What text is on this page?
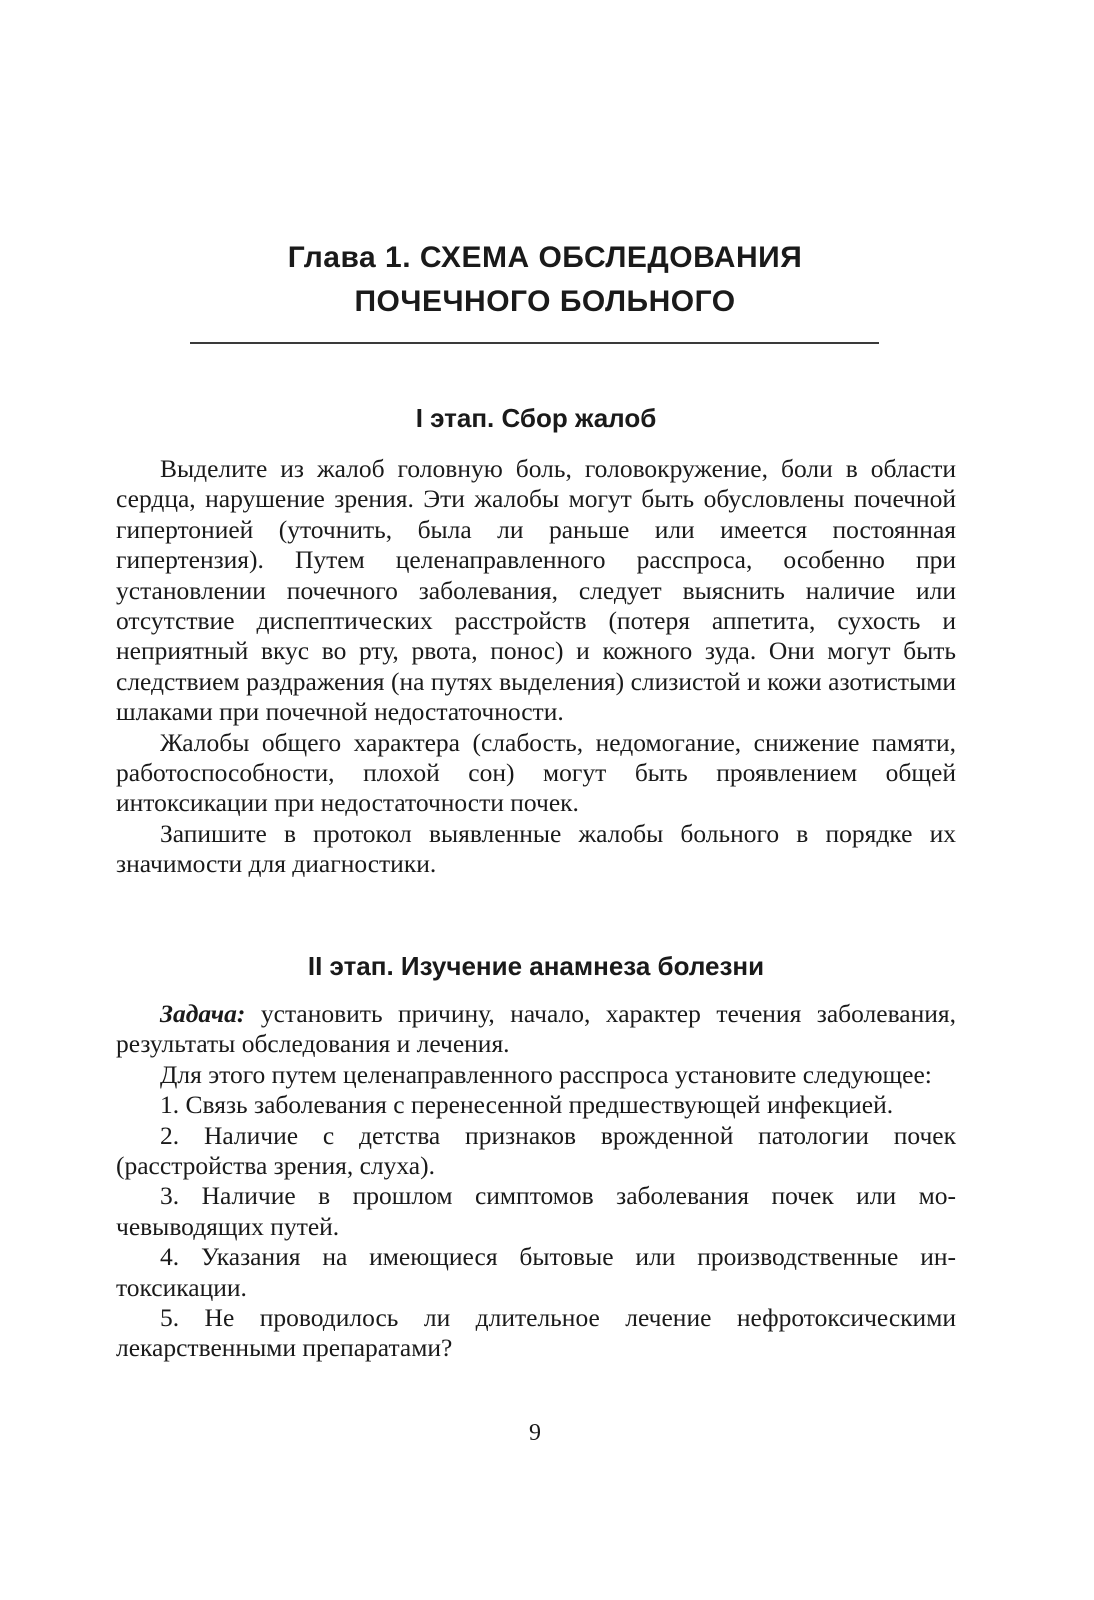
Глава 1. СХЕМА ОБСЛЕДОВАНИЯ
ПОЧЕЧНОГО БОЛЬНОГО
I этап. Сбор жалоб

Выделите из жалоб головную боль, головокружение, боли в области сердца, нарушение зрения. Эти жалобы могут быть обусловлены почечной гипертонией (уточнить, была ли раньше или имеется постоянная гипертензия). Путем целенаправленного расспроса, особенно при установлении почечного заболевания, следует выяснить наличие или отсутствие диспептических расстройств (потеря аппетита, сухость и неприятный вкус во рту, рвота, понос) и кожного зуда. Они могут быть следствием раздражения (на путях выделения) слизистой и кожи азотистыми шлаками при почечной недостаточности.

Жалобы общего характера (слабость, недомогание, снижение памяти, работоспособности, плохой сон) могут быть проявлением общей интоксикации при недостаточности почек.

Запишите в протокол выявленные жалобы больного в порядке их значимости для диагностики.

II этап. Изучение анамнеза болезни

Задача: установить причину, начало, характер течения заболевания, результаты обследования и лечения.

Для этого путем целенаправленного расспроса установите следующее:

1. Связь заболевания с перенесенной предшествующей инфекцией.

2. Наличие с детства признаков врожденной патологии почек (расстройства зрения, слуха).

3. Наличие в прошлом симптомов заболевания почек или мочевыводящих путей.

4. Указания на имеющиеся бытовые или производственные интоксикации.

5. Не проводилось ли длительное лечение нефротоксическими лекарственными препаратами?

9
